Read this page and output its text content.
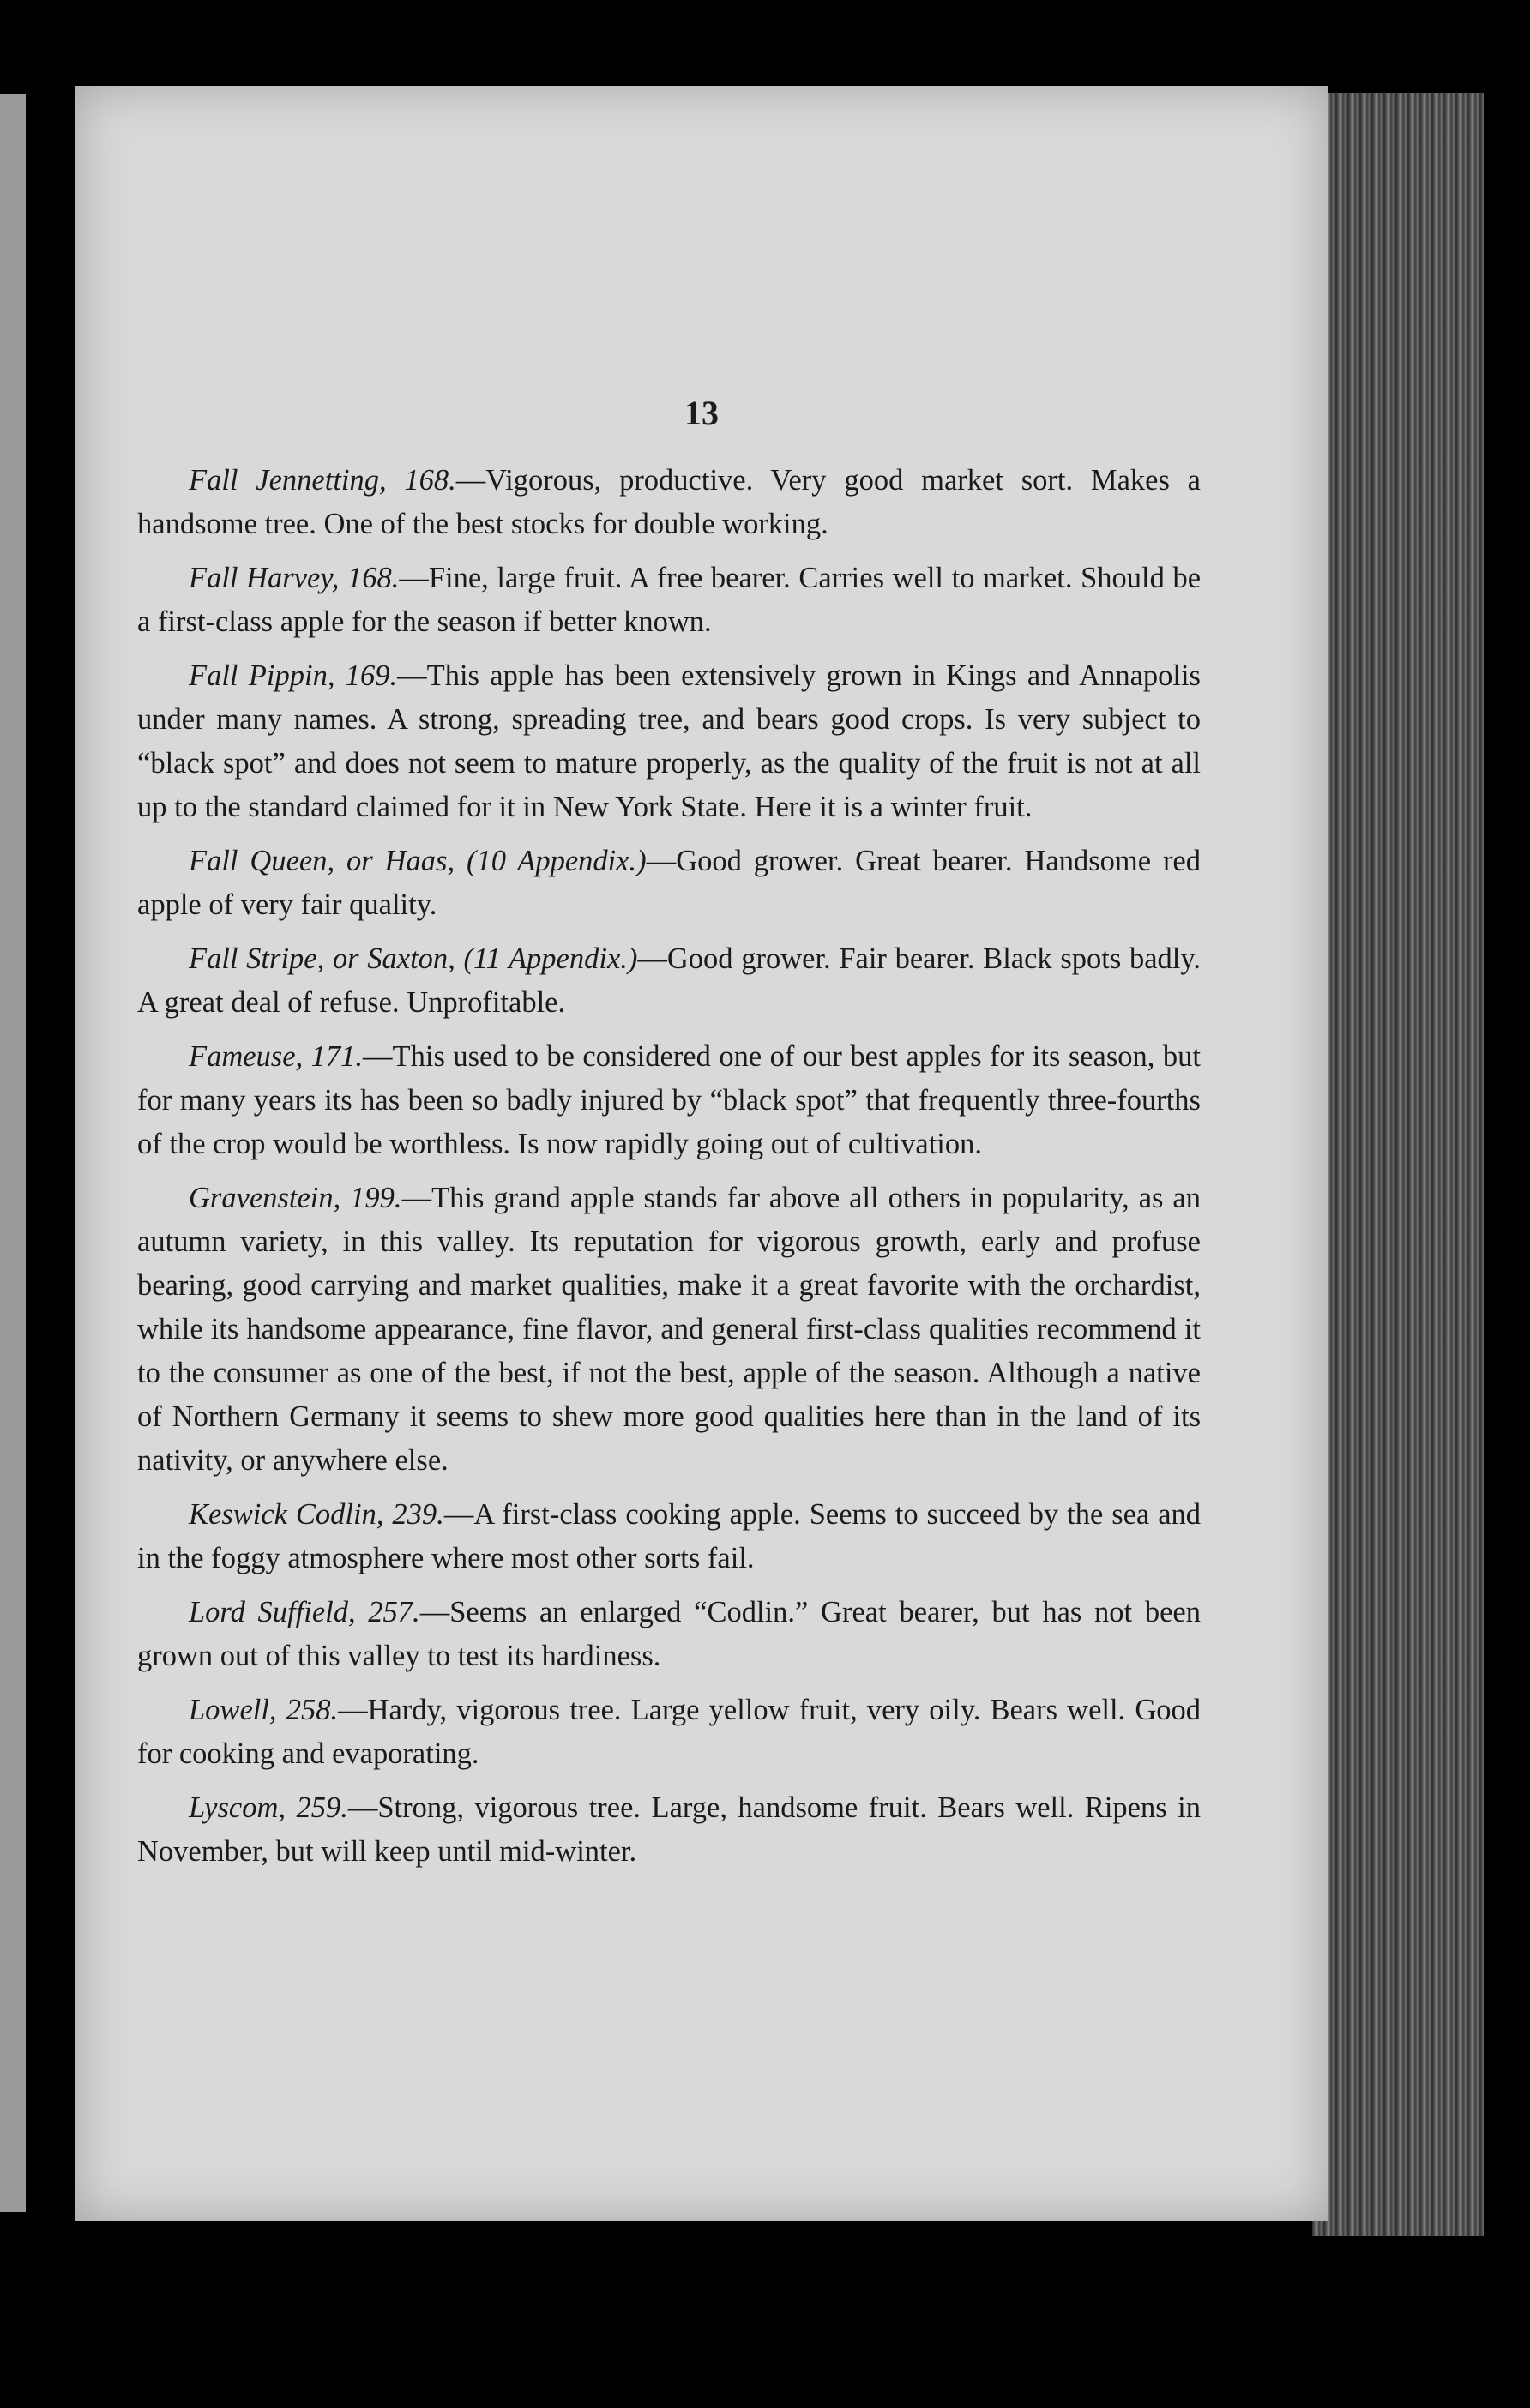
13

Fall Jennetting, 168.—Vigorous, productive. Very good market sort. Makes a handsome tree. One of the best stocks for double working.

Fall Harvey, 168.—Fine, large fruit. A free bearer. Carries well to market. Should be a first-class apple for the season if better known.

Fall Pippin, 169.—This apple has been extensively grown in Kings and Annapolis under many names. A strong, spreading tree, and bears good crops. Is very subject to “black spot” and does not seem to mature properly, as the quality of the fruit is not at all up to the standard claimed for it in New York State. Here it is a winter fruit.

Fall Queen, or Haas, (10 Appendix.)—Good grower. Great bearer. Handsome red apple of very fair quality.

Fall Stripe, or Saxton, (11 Appendix.)—Good grower. Fair bearer. Black spots badly. A great deal of refuse. Unprofitable.

Fameuse, 171.—This used to be considered one of our best apples for its season, but for many years its has been so badly injured by “black spot” that frequently three-fourths of the crop would be worthless. Is now rapidly going out of cultivation.

Gravenstein, 199.—This grand apple stands far above all others in popularity, as an autumn variety, in this valley. Its reputation for vigorous growth, early and profuse bearing, good carrying and market qualities, make it a great favorite with the orchardist, while its handsome appearance, fine flavor, and general first-class qualities recommend it to the consumer as one of the best, if not the best, apple of the season. Although a native of Northern Germany it seems to shew more good qualities here than in the land of its nativity, or anywhere else.

Keswick Codlin, 239.—A first-class cooking apple. Seems to succeed by the sea and in the foggy atmosphere where most other sorts fail.

Lord Suffield, 257.—Seems an enlarged “Codlin.” Great bearer, but has not been grown out of this valley to test its hardiness.

Lowell, 258.—Hardy, vigorous tree. Large yellow fruit, very oily. Bears well. Good for cooking and evaporating.

Lyscom, 259.—Strong, vigorous tree. Large, handsome fruit. Bears well. Ripens in November, but will keep until mid-winter.
